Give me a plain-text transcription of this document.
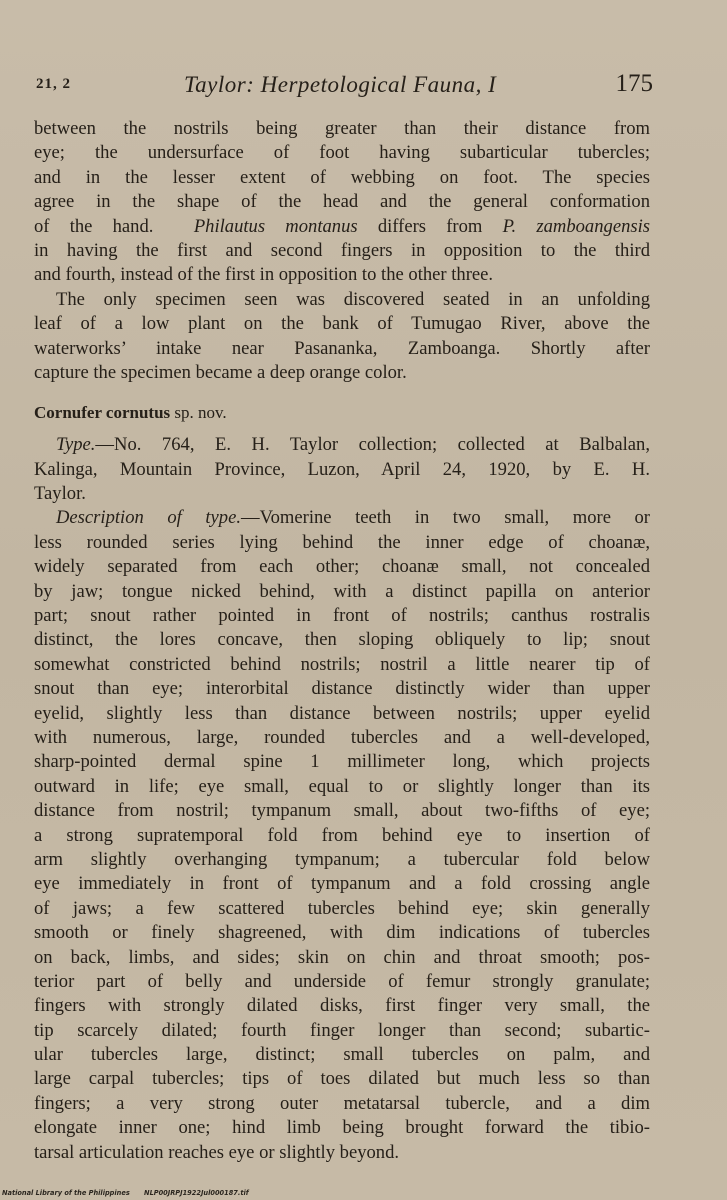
21, 2	Taylor: Herpetological Fauna, I	175
between the nostrils being greater than their distance from
eye; the undersurface of foot having subarticular tubercles;
and in the lesser extent of webbing on foot. The species
agree in the shape of the head and the general conformation
of the hand. Philautus montanus differs from P. zamboangensis
in having the first and second fingers in opposition to the third
and fourth, instead of the first in opposition to the other three.
The only specimen seen was discovered seated in an unfolding
leaf of a low plant on the bank of Tumugao River, above the
waterworks’ intake near Pasananka, Zamboanga. Shortly after
capture the specimen became a deep orange color.
Cornufer cornutus sp. nov.
Type.—No. 764, E. H. Taylor collection; collected at Balbalan,
Kalinga, Mountain Province, Luzon, April 24, 1920, by E. H.
Taylor.
Description of type.—Vomerine teeth in two small, more or
less rounded series lying behind the inner edge of choanæ,
widely separated from each other; choanæ small, not concealed
by jaw; tongue nicked behind, with a distinct papilla on anterior
part; snout rather pointed in front of nostrils; canthus rostralis
distinct, the lores concave, then sloping obliquely to lip; snout
somewhat constricted behind nostrils; nostril a little nearer tip of
snout than eye; interorbital distance distinctly wider than upper
eyelid, slightly less than distance between nostrils; upper eyelid
with numerous, large, rounded tubercles and a well-developed,
sharp-pointed dermal spine 1 millimeter long, which projects
outward in life; eye small, equal to or slightly longer than its
distance from nostril; tympanum small, about two-fifths of eye;
a strong supratemporal fold from behind eye to insertion of
arm slightly overhanging tympanum; a tubercular fold below
eye immediately in front of tympanum and a fold crossing angle
of jaws; a few scattered tubercles behind eye; skin generally
smooth or finely shagreened, with dim indications of tubercles
on back, limbs, and sides; skin on chin and throat smooth; pos-
terior part of belly and underside of femur strongly granulate;
fingers with strongly dilated disks, first finger very small, the
tip scarcely dilated; fourth finger longer than second; subartic-
ular tubercles large, distinct; small tubercles on palm, and
large carpal tubercles; tips of toes dilated but much less so than
fingers; a very strong outer metatarsal tubercle, and a dim
elongate inner one; hind limb being brought forward the tibio-
tarsal articulation reaches eye or slightly beyond.
National Library of the Philippines NLP00JRPJ1922Jul000187.tif
